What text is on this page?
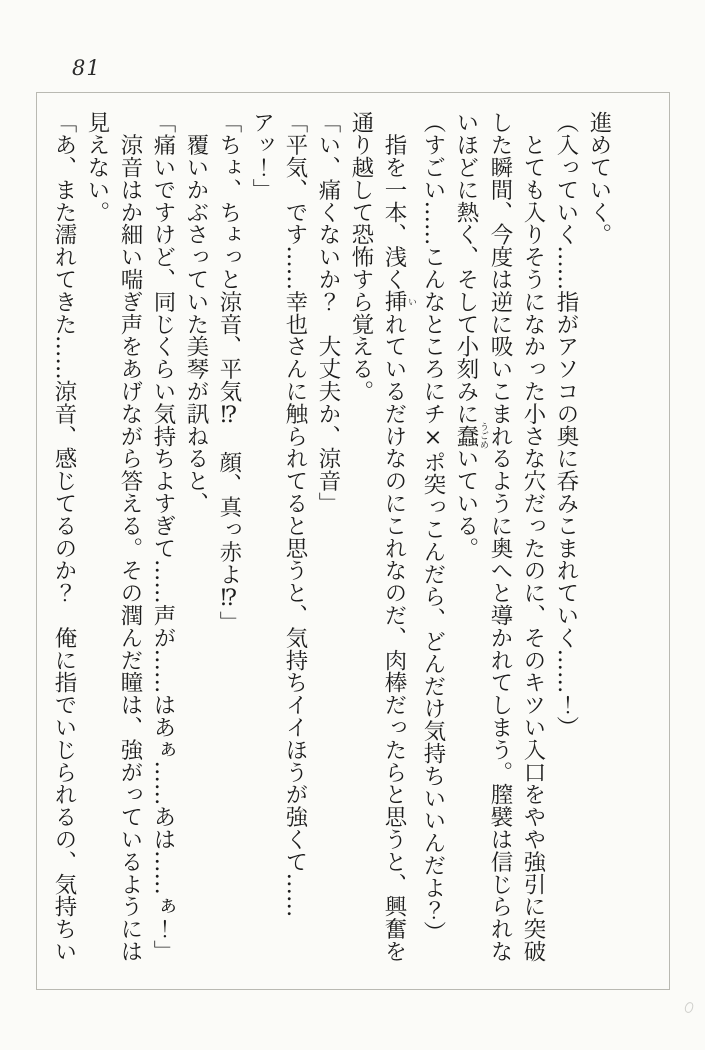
81

進めていく。

（入っていく……指がアソコの奥に呑みこまれていく……！）

　とても入りそうになかった小さな穴だったのに、そのキツい入口をやや強引に突破した瞬間、今度は逆に吸いこまれるように奥へと導かれてしまう。膣襞は信じられないほどに熱く、そして小刻みに蠢 うごめいている。

（すごい……こんなところにチ×ポ突っこんだら、どんだけ気持ちいいんだよ？）

　指を一本、浅く挿 いれているだけなのにこれなのだ、肉棒だったらと思うと、興奮を通り越して恐怖すら覚える。

「い、痛くないか？　大丈夫か、涼音」

「平気、です……幸也さんに触られてると思うと、気持ちイイほうが強くて……アッ！」

「ちょ、ちょっと涼音、平気⁉　顔、真っ赤よ⁉」

　覆いかぶさっていた美琴が訊ねると、

「痛いですけど、同じくらい気持ちよすぎて……声が……はあぁ……あは……ぁ！」

　涼音はか細い喘ぎ声をあげながら答える。その潤んだ瞳は、強がっているようには見えない。

「あ、また濡れてきた……涼音、感じてるのか？　俺に指でいじられるの、気持ちい
